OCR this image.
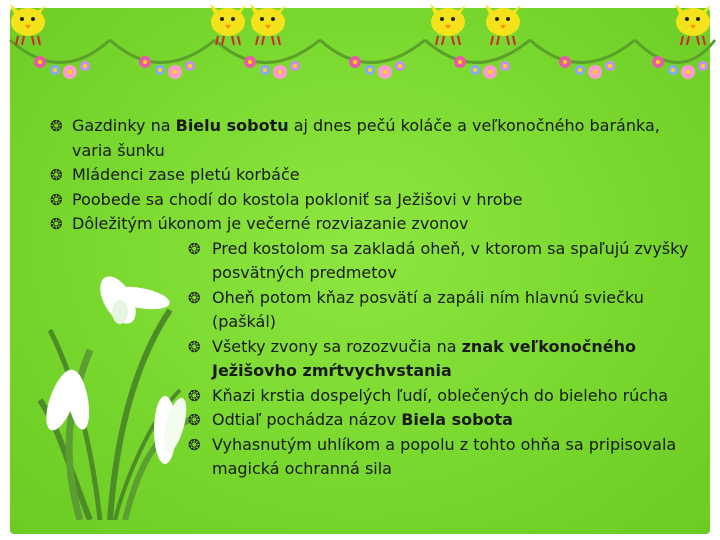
❂ Gazdinky na Bielu sobotu aj dnes pečú koláče a veľkonočného baránka, varia šunku
❂ Mládenci zase pletú korbáče
❂ Poobede sa chodí do kostola pokloniť sa Ježišovi v hrobe
❂ Dôležitým úkonom je večerné rozviazanie zvonov
❂ Pred kostolom sa zakladá oheň, v ktorom sa spaľujú zvyšky posvätných predmetov
❂ Oheň potom kňaz posvätí a zapáli ním hlavnú sviečku (paškál)
❂ Všetky zvony sa rozozvučia na znak veľkonočného Ježišovho zmŕtvychvstania
❂ Kňazi krstia dospelých ľudí, oblečených do bieleho rúcha
❂ Odtiaľ pochádza názov Biela sobota
❂ Vyhasnutým uhlíkom a popolu z tohto ohňa sa pripisovala magická ochranná sila
